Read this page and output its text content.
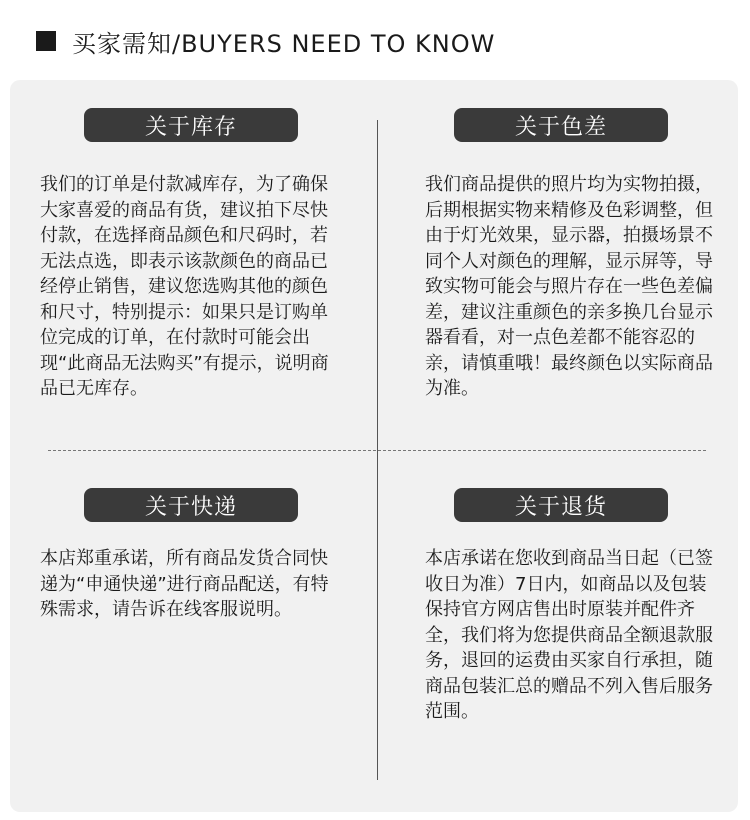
买家需知/BUYERS NEED TO KNOW
关于库存

我们的订单是付款减库存，为了确保大家喜爱的商品有货，建议拍下尽快付款，在选择商品颜色和尺码时，若无法点选，即表示该款颜色的商品已经停止销售，建议您选购其他的颜色和尺寸，特别提示：如果只是订购单位完成的订单，在付款时可能会出现“此商品无法购买”有提示，说明商品已无库存。

关于色差

我们商品提供的照片均为实物拍摄，后期根据实物来精修及色彩调整，但由于灯光效果，显示器，拍摄场景不同个人对颜色的理解，显示屏等，导致实物可能会与照片存在一些色差偏差，建议注重颜色的亲多换几台显示器看看，对一点色差都不能容忍的亲，请慎重哦！最终颜色以实际商品为准。

关于快递

本店郑重承诺，所有商品发货合同快递为“申通快递”进行商品配送，有特殊需求，请告诉在线客服说明。

关于退货

本店承诺在您收到商品当日起（已签收日为准）7日内，如商品以及包装保持官方网店售出时原装并配件齐全，我们将为您提供商品全额退款服务，退回的运费由买家自行承担，随商品包装汇总的赠品不列入售后服务范围。
